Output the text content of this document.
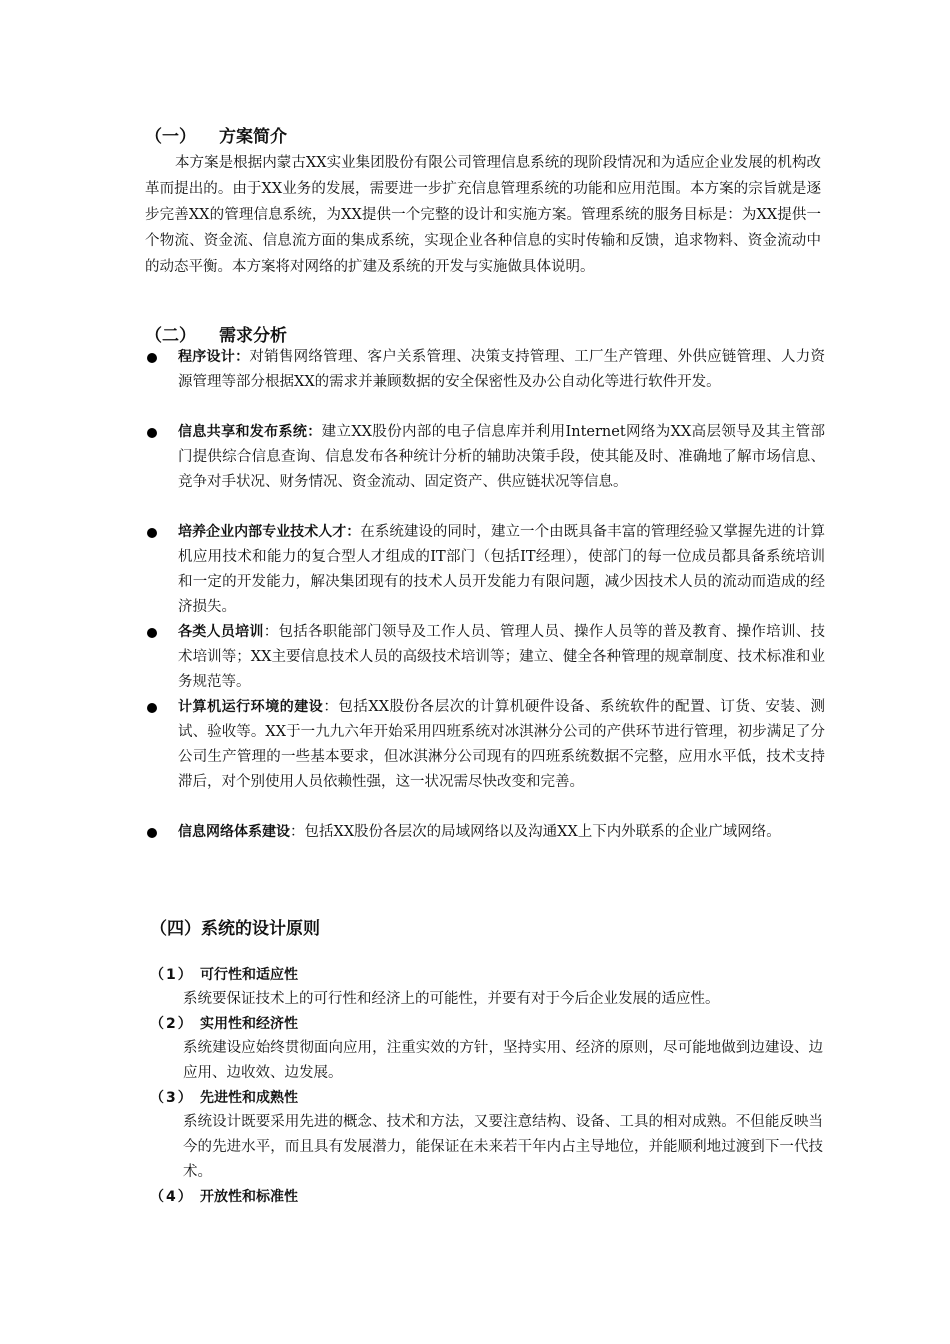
（一） 方案简介
本方案是根据内蒙古XX实业集团股份有限公司管理信息系统的现阶段情况和为适应企业发展的机构改革而提出的。由于XX业务的发展，需要进一步扩充信息管理系统的功能和应用范围。本方案的宗旨就是逐步完善XX的管理信息系统，为XX提供一个完整的设计和实施方案。管理系统的服务目标是：为XX提供一个物流、资金流、信息流方面的集成系统，实现企业各种信息的实时传输和反馈，追求物料、资金流动中的动态平衡。本方案将对网络的扩建及系统的开发与实施做具体说明。
（二） 需求分析
程序设计：对销售网络管理、客户关系管理、决策支持管理、工厂生产管理、外供应链管理、人力资源管理等部分根据XX的需求并兼顾数据的安全保密性及办公自动化等进行软件开发。
信息共享和发布系统：建立XX股份内部的电子信息库并利用Internet网络为XX高层领导及其主管部门提供综合信息查询、信息发布各种统计分析的辅助决策手段，使其能及时、准确地了解市场信息、竞争对手状况、财务情况、资金流动、固定资产、供应链状况等信息。
培养企业内部专业技术人才：在系统建设的同时，建立一个由既具备丰富的管理经验又掌握先进的计算机应用技术和能力的复合型人才组成的IT部门（包括IT经理），使部门的每一位成员都具备系统培训和一定的开发能力，解决集团现有的技术人员开发能力有限问题，减少因技术人员的流动而造成的经济损失。
各类人员培训：包括各职能部门领导及工作人员、管理人员、操作人员等的普及教育、操作培训、技术培训等；XX主要信息技术人员的高级技术培训等；建立、健全各种管理的规章制度、技术标准和业务规范等。
计算机运行环境的建设：包括XX股份各层次的计算机硬件设备、系统软件的配置、订货、安装、测试、验收等。XX于一九九六年开始采用四班系统对冰淇淋分公司的产供环节进行管理，初步满足了分公司生产管理的一些基本要求，但冰淇淋分公司现有的四班系统数据不完整，应用水平低，技术支持滞后，对个别使用人员依赖性强，这一状况需尽快改变和完善。
信息网络体系建设：包括XX股份各层次的局域网络以及沟通XX上下内外联系的企业广域网络。
（四）系统的设计原则
（1） 可行性和适应性
系统要保证技术上的可行性和经济上的可能性，并要有对于今后企业发展的适应性。
（2） 实用性和经济性
系统建设应始终贯彻面向应用，注重实效的方针，坚持实用、经济的原则，尽可能地做到边建设、边应用、边收效、边发展。
（3） 先进性和成熟性
系统设计既要采用先进的概念、技术和方法，又要注意结构、设备、工具的相对成熟。不但能反映当今的先进水平，而且具有发展潜力，能保证在未来若干年内占主导地位，并能顺利地过渡到下一代技术。
（4） 开放性和标准性
